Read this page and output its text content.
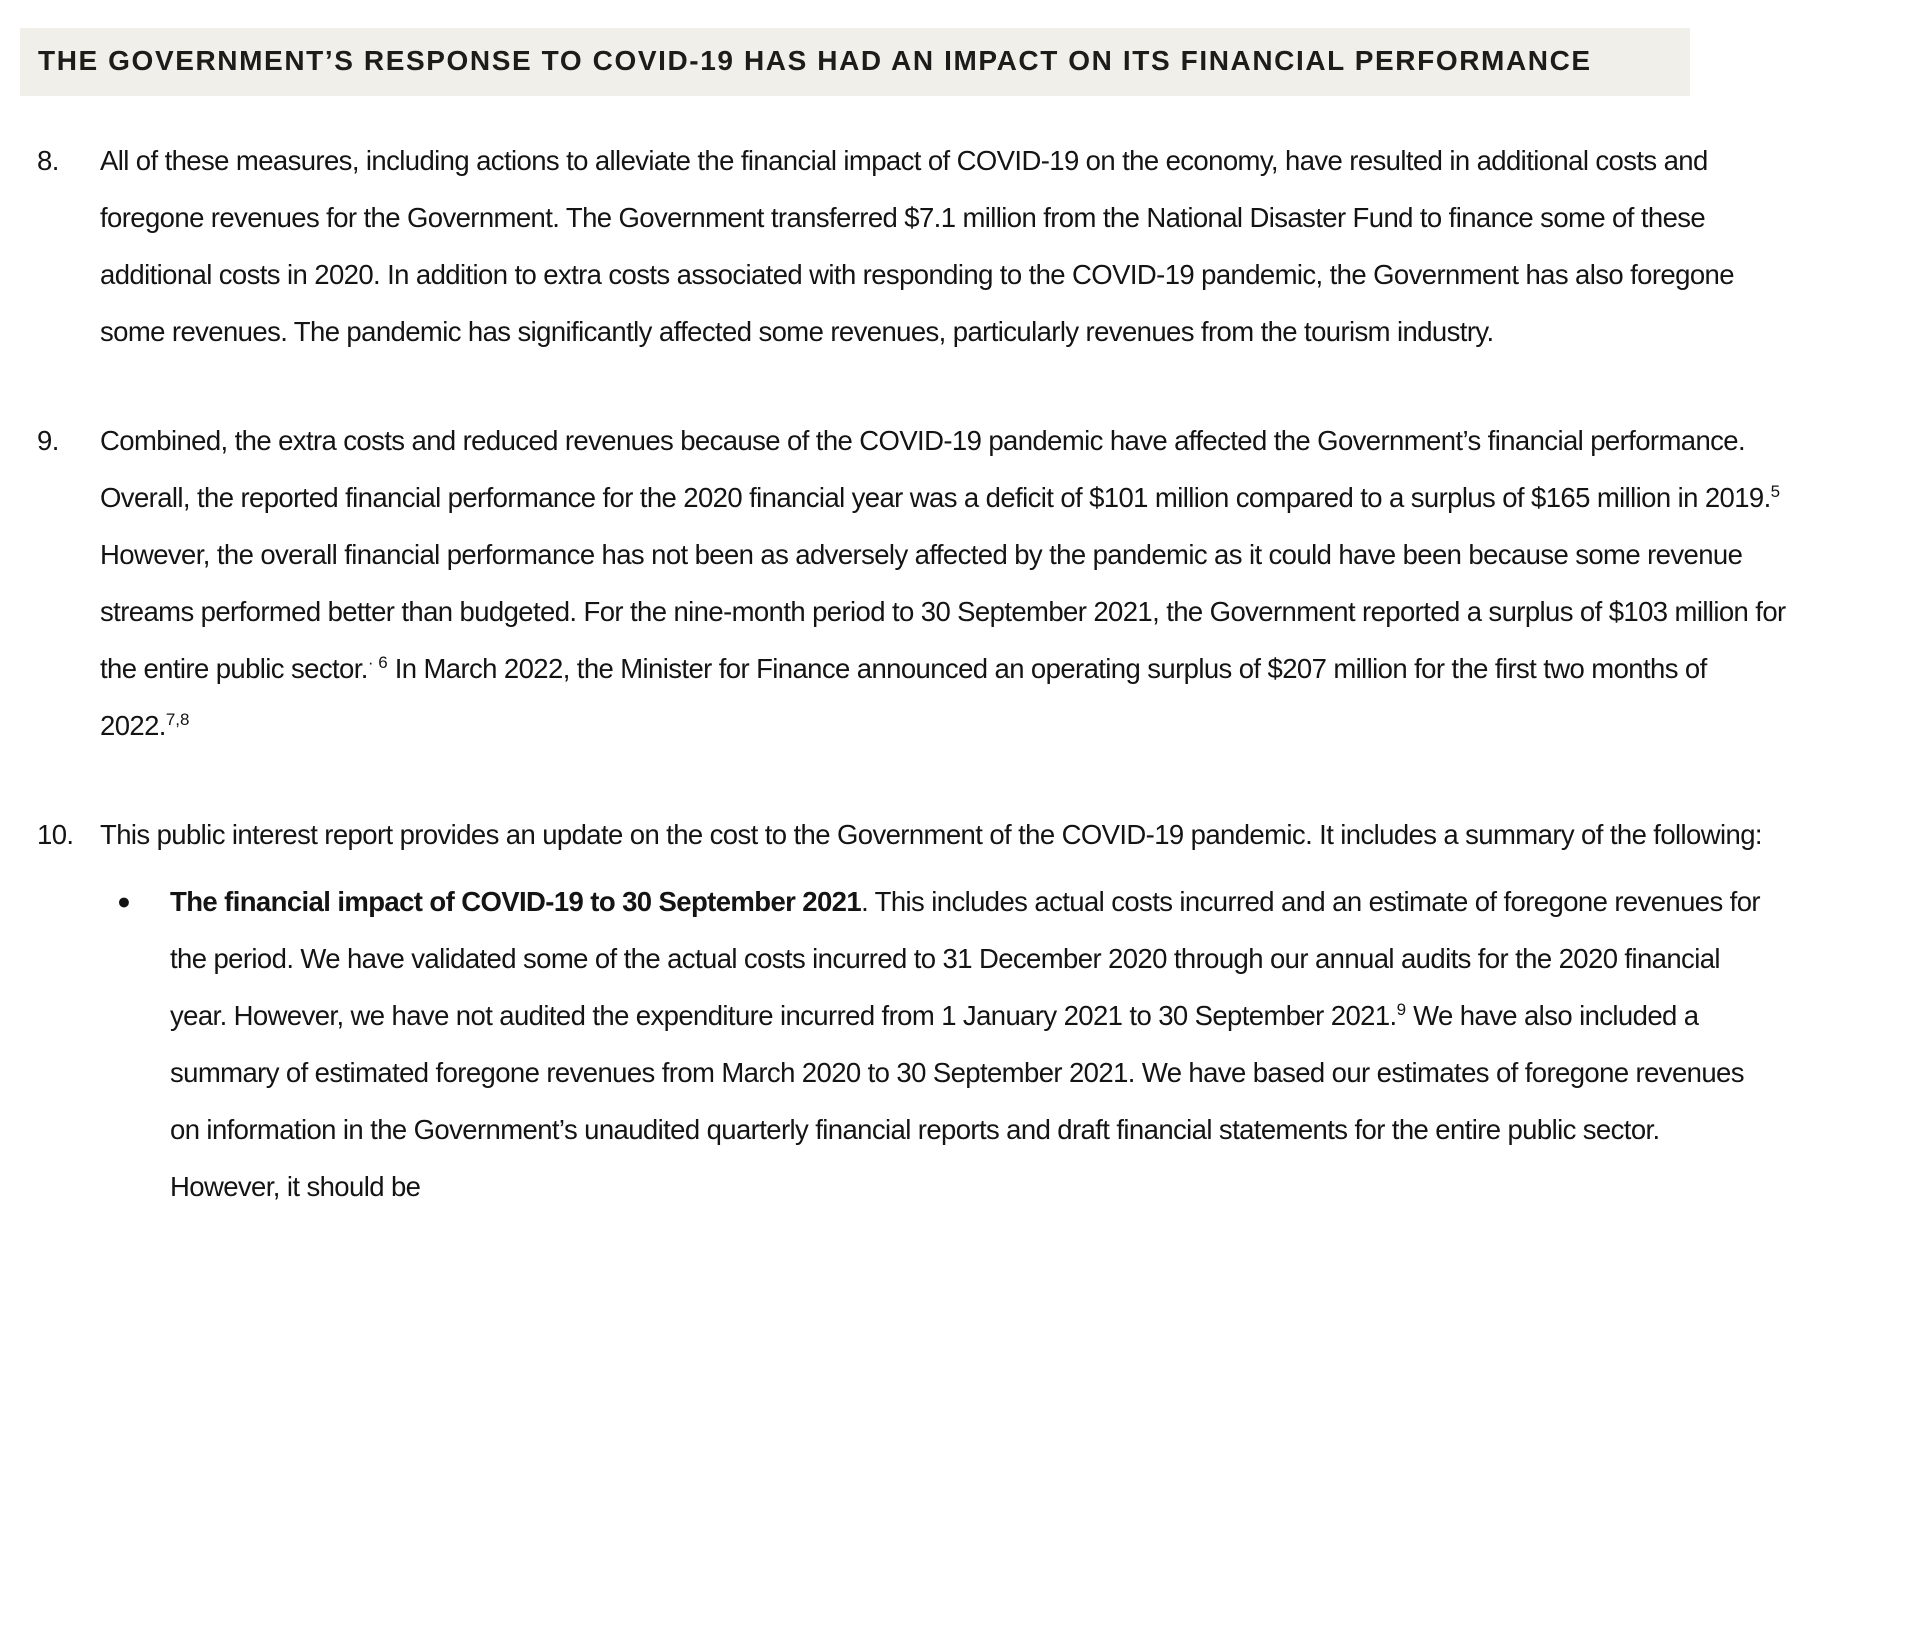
THE GOVERNMENT’S RESPONSE TO COVID-19 HAS HAD AN IMPACT ON ITS FINANCIAL PERFORMANCE
8. All of these measures, including actions to alleviate the financial impact of COVID-19 on the economy, have resulted in additional costs and foregone revenues for the Government. The Government transferred $7.1 million from the National Disaster Fund to finance some of these additional costs in 2020. In addition to extra costs associated with responding to the COVID-19 pandemic, the Government has also foregone some revenues. The pandemic has significantly affected some revenues, particularly revenues from the tourism industry.

9. Combined, the extra costs and reduced revenues because of the COVID-19 pandemic have affected the Government’s financial performance. Overall, the reported financial performance for the 2020 financial year was a deficit of $101 million compared to a surplus of $165 million in 2019.$^5$ However, the overall financial performance has not been as adversely affected by the pandemic as it could have been because some revenue streams performed better than budgeted. For the nine-month period to 30 September 2021, the Government reported a surplus of $103 million for the entire public sector.$^{\cdot 6}$ In March 2022, the Minister for Finance announced an operating surplus of $207 million for the first two months of 2022.$^{7,8}$

10. This public interest report provides an update on the cost to the Government of the COVID-19 pandemic. It includes a summary of the following:

● The financial impact of COVID-19 to 30 September 2021. This includes actual costs incurred and an estimate of foregone revenues for the period. We have validated some of the actual costs incurred to 31 December 2020 through our annual audits for the 2020 financial year. However, we have not audited the expenditure incurred from 1 January 2021 to 30 September 2021.$^9$ We have also included a summary of estimated foregone revenues from March 2020 to 30 September 2021. We have based our estimates of foregone revenues on information in the Government’s unaudited quarterly financial reports and draft financial statements for the entire public sector. However, it should be
